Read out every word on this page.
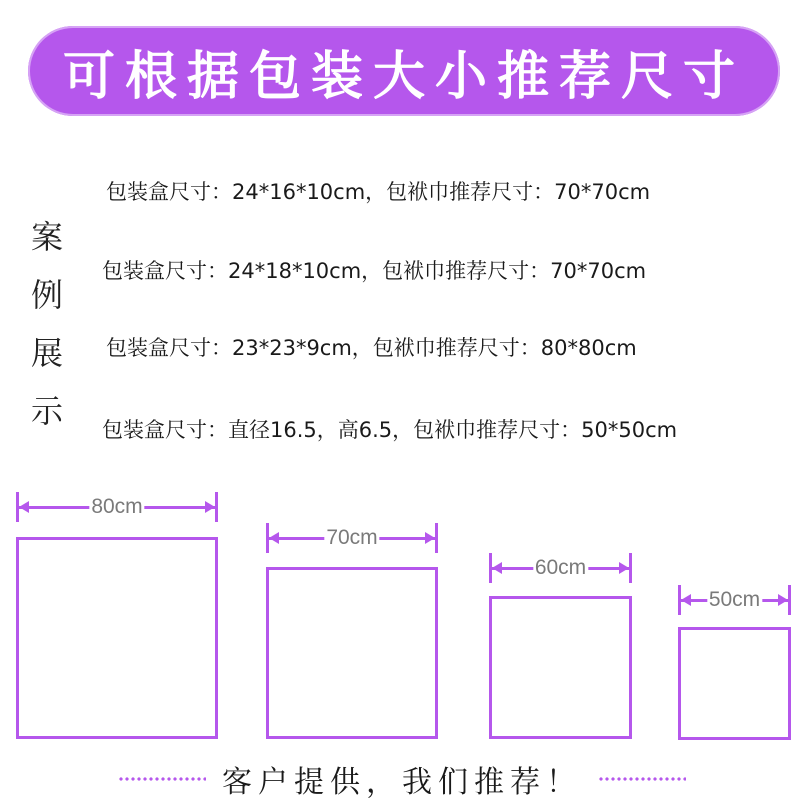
可根据包装大小推荐尺寸
案
例
展
示
包装盒尺寸：24*16*10cm，包袱巾推荐尺寸：70*70cm
包装盒尺寸：24*18*10cm，包袱巾推荐尺寸：70*70cm
包装盒尺寸：23*23*9cm，包袱巾推荐尺寸：80*80cm
包装盒尺寸：直径16.5，高6.5，包袱巾推荐尺寸：50*50cm
80cm
70cm
60cm
50cm
客户提供，我们推荐！
